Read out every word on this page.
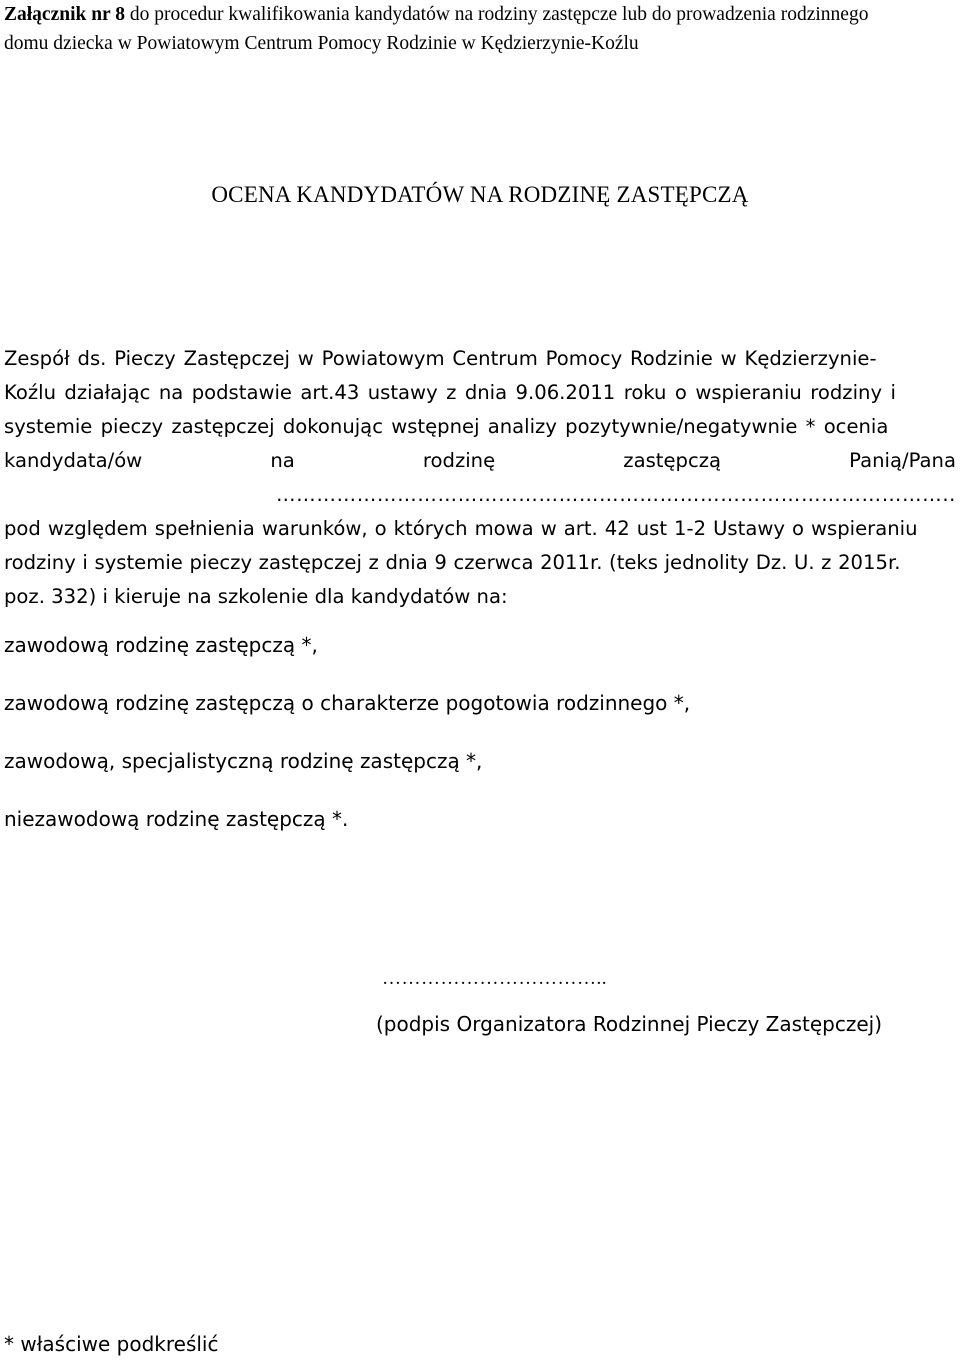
Załącznik nr 8 do procedur kwalifikowania kandydatów na rodziny zastępcze lub do prowadzenia rodzinnego
domu dziecka w Powiatowym Centrum Pomocy Rodzinie w Kędzierzynie-Koźlu
OCENA KANDYDATÓW NA RODZINĘ ZASTĘPCZĄ
Zespół ds. Pieczy Zastępczej w Powiatowym Centrum Pomocy Rodzinie w Kędzierzynie-
Koźlu działając na podstawie art.43 ustawy z dnia 9.06.2011 roku o wspieraniu rodziny i
systemie pieczy zastępczej dokonując wstępnej analizy pozytywnie/negatywnie * ocenia
kandydata/ów	na	rodzinę	zastępczą	Panią/Pana
………………………………………………………………………………………..
pod względem spełnienia warunków, o których mowa w art. 42 ust 1-2 Ustawy o wspieraniu
rodziny i systemie pieczy zastępczej z dnia 9 czerwca 2011r. (teks jednolity Dz. U. z 2015r.
poz. 332) i kieruje na szkolenie dla kandydatów na:
zawodową rodzinę zastępczą *,
zawodową rodzinę zastępczą o charakterze pogotowia rodzinnego *,
zawodową, specjalistyczną rodzinę zastępczą *,
niezawodową rodzinę zastępczą *.
……………………………..
(podpis Organizatora Rodzinnej Pieczy Zastępczej)
* właściwe podkreślić
